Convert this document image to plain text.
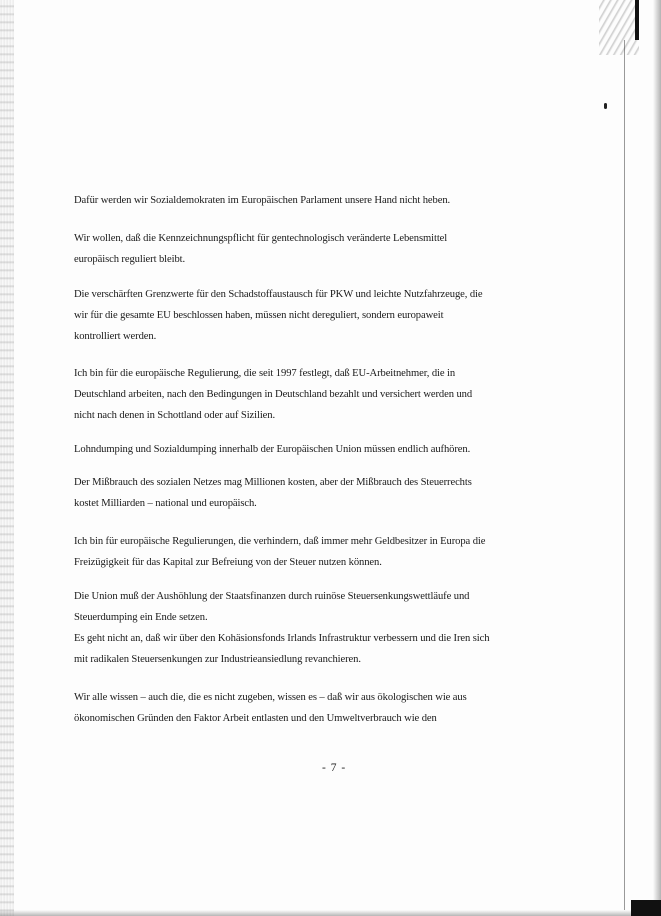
Dafür werden wir Sozialdemokraten im Europäischen Parlament unsere Hand nicht heben.
Wir wollen, daß die Kennzeichnungspflicht für gentechnologisch veränderte Lebensmittel
europäisch reguliert bleibt.
Die verschärften Grenzwerte für den Schadstoffaustausch für PKW und leichte Nutzfahrzeuge, die
wir für die gesamte EU beschlossen haben, müssen nicht dereguliert, sondern europaweit
kontrolliert werden.
Ich bin für die europäische Regulierung, die seit 1997 festlegt, daß EU-Arbeitnehmer, die in
Deutschland arbeiten, nach den Bedingungen in Deutschland bezahlt und versichert werden und
nicht nach denen in Schottland oder auf Sizilien.
Lohndumping und Sozialdumping innerhalb der Europäischen Union müssen endlich aufhören.
Der Mißbrauch des sozialen Netzes mag Millionen kosten, aber der Mißbrauch des Steuerrechts
kostet Milliarden – national und europäisch.
Ich bin für europäische Regulierungen, die verhindern, daß immer mehr Geldbesitzer in Europa die
Freizügigkeit für das Kapital zur Befreiung von der Steuer nutzen können.
Die Union muß der Aushöhlung der Staatsfinanzen durch ruinöse Steuersenkungswettläufe und
Steuerdumping ein Ende setzen.
Es geht nicht an, daß wir über den Kohäsionsfonds Irlands Infrastruktur verbessern und die Iren sich
mit radikalen Steuersenkungen zur Industrieansiedlung revanchieren.
Wir alle wissen – auch die, die es nicht zugeben, wissen es – daß wir aus ökologischen wie aus
ökonomischen Gründen den Faktor Arbeit entlasten und den Umweltverbrauch wie den
- 7 -
